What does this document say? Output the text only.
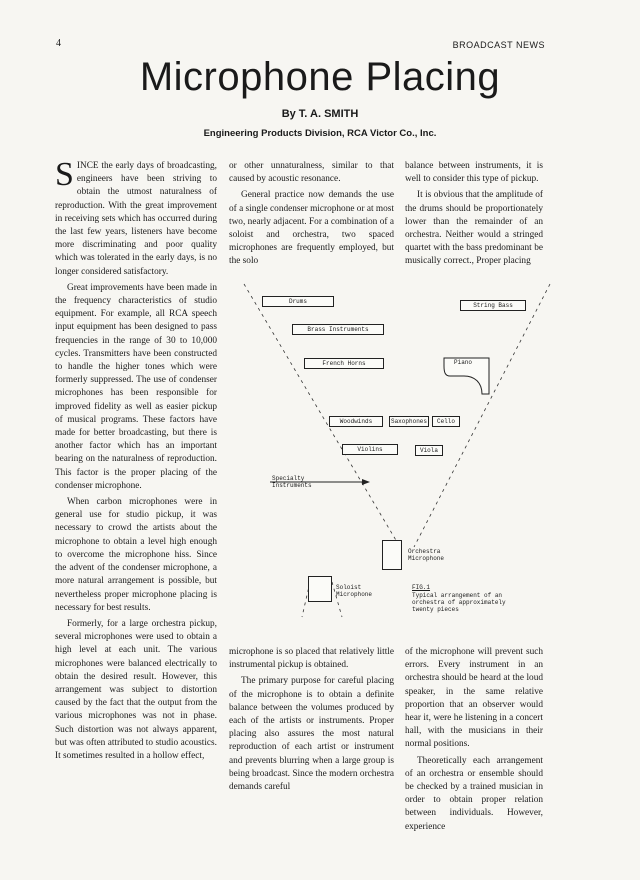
4	BROADCAST NEWS
Microphone Placing
By T. A. SMITH
Engineering Products Division, RCA Victor Co., Inc.

SINCE the early days of broadcasting, engineers have been striving to obtain the utmost naturalness of reproduction. With the great improvement in receiving sets which has occurred during the last few years, listeners have become more discriminating and poor quality which was tolerated in the early days, is no longer considered satisfactory.

Great improvements have been made in the frequency characteristics of studio equipment. For example, all RCA speech input equipment has been designed to pass frequencies in the range of 30 to 10,000 cycles. Transmitters have been constructed to handle the higher tones which were formerly suppressed. The use of condenser microphones has been responsible for improved fidelity as well as easier pickup of musical programs. These factors have made for better broadcasting, but there is another factor which has an important bearing on the naturalness of reproduction. This factor is the proper placing of the condenser microphone.

When carbon microphones were in general use for studio pickup, it was necessary to crowd the artists about the microphone to obtain a level high enough to overcome the microphone hiss. Since the advent of the condenser microphone, a more natural arrangement is possible, but nevertheless proper microphone placing is necessary for best results.

Formerly, for a large orchestra pickup, several microphones were used to obtain a high level at each unit. The various microphones were balanced electrically to obtain the desired result. However, this arrangement was subject to distortion caused by the fact that the output from the various microphones was not in phase. Such distortion was not always apparent, but was often attributed to studio acoustics. It sometimes resulted in a hollow effect,

or other unnaturalness, similar to that caused by acoustic resonance.

General practice now demands the use of a single condenser microphone or at most two, nearly adjacent. For a combination of a soloist and orchestra, two spaced microphones are frequently employed, but the solo

balance between instruments, it is well to consider this type of pickup.

It is obvious that the amplitude of the drums should be proportionately lower than the remainder of an orchestra. Neither would a stringed quartet with the bass predominant be musically correct., Proper placing

Drums
String Bass
Brass Instruments
French Horns	Piano
Woodwinds	Saxophones	Cello
Violins	Viola
Specialty
Instruments
Orchestra
Microphone
Soloist
Microphone
FIG.1
Typical arrangement of an
orchestra of approximately
twenty pieces

microphone is so placed that relatively little instrumental pickup is obtained.

The primary purpose for careful placing of the microphone is to obtain a definite balance between the volumes produced by each of the artists or instruments. Proper placing also assures the most natural reproduction of each artist or instrument and prevents blurring when a large group is being broadcast. Since the modern orchestra demands careful

of the microphone will prevent such errors. Every instrument in an orchestra should be heard at the loud speaker, in the same relative proportion that an observer would hear it, were he listening in a concert hall, with the musicians in their normal positions.

Theoretically each arrangement of an orchestra or ensemble should be checked by a trained musician in order to obtain proper relation between individuals. However, experience
